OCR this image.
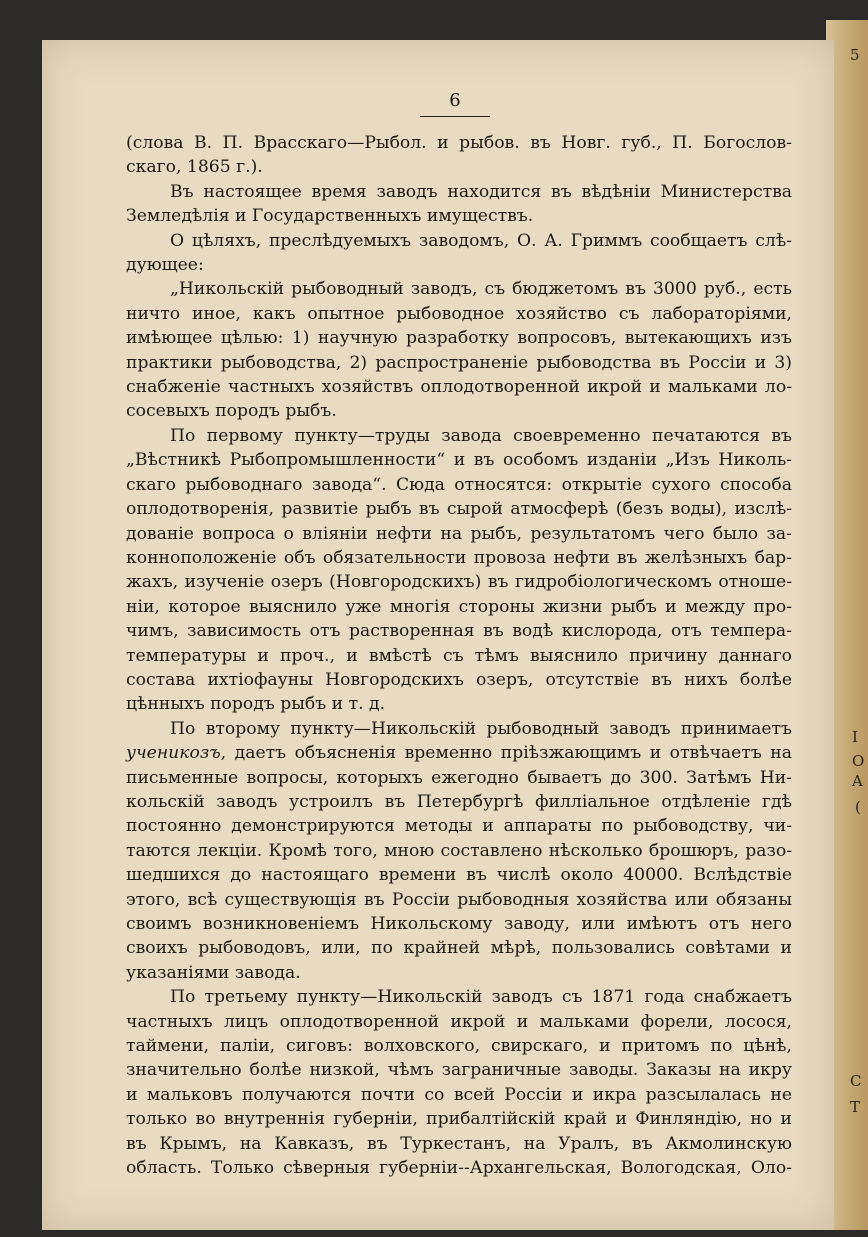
5
I
O
A
(
C
T
6
(слова В. П. Врасскаго—Рыбол. и рыбов. въ Новг. губ., П. Богослов-
скаго, 1865 г.).
Въ настоящее время заводъ находится въ вѣдѣніи Министерства
Земледѣлія и Государственныхъ имуществъ.
О цѣляхъ, преслѣдуемыхъ заводомъ, О. А. Гриммъ сообщаетъ слѣ-
дующее:
„Никольскій рыбоводный заводъ, съ бюджетомъ въ 3000 руб., есть
ничто иное, какъ опытное рыбоводное хозяйство съ лабораторіями,
имѣющее цѣлью: 1) научную разработку вопросовъ, вытекающихъ изъ
практики рыбоводства, 2) распространеніе рыбоводства въ Россіи и 3)
снабженіе частныхъ хозяйствъ оплодотворенной икрой и мальками ло-
сосевыхъ породъ рыбъ.
По первому пункту—труды завода своевременно печатаются въ
„Вѣстникѣ Рыбопромышленности“ и въ особомъ изданіи „Изъ Николь-
скаго рыбоводнаго завода“. Сюда относятся: открытіе сухого способа
оплодотворенія, развитіе рыбъ въ сырой атмосферѣ (безъ воды), изслѣ-
дованіе вопроса о вліяніи нефти на рыбъ, результатомъ чего было за-
конноположеніе объ обязательности провоза нефти въ желѣзныхъ бар-
жахъ, изученіе озеръ (Новгородскихъ) въ гидробіологическомъ отноше-
ніи, которое выяснило уже многія стороны жизни рыбъ и между про-
чимъ, зависимость отъ растворенная въ водѣ кислорода, отъ темпера-
температуры и проч., и вмѣстѣ съ тѣмъ выяснило причину даннаго
состава ихтіофауны Новгородскихъ озеръ, отсутствіе въ нихъ болѣе
цѣнныхъ породъ рыбъ и т. д.
По второму пункту—Никольскій рыбоводный заводъ принимаетъ
ученикозъ, даетъ объясненія временно пріѣзжающимъ и отвѣчаетъ на
письменные вопросы, которыхъ ежегодно бываетъ до 300. Затѣмъ Ни-
кольскій заводъ устроилъ въ Петербургѣ филліальное отдѣленіе гдѣ
постоянно демонстрируются методы и аппараты по рыбоводству, чи-
таются лекціи. Кромѣ того, мною составлено нѣсколько брошюръ, разо-
шедшихся до настоящаго времени въ числѣ около 40000. Вслѣдствіе
этого, всѣ существующія въ Россіи рыбоводныя хозяйства или обязаны
своимъ возникновеніемъ Никольскому заводу, или имѣютъ отъ него
своихъ рыбоводовъ, или, по крайней мѣрѣ, пользовались совѣтами и
указаніями завода.
По третьему пункту—Никольскій заводъ съ 1871 года снабжаетъ
частныхъ лицъ оплодотворенной икрой и мальками форели, лосося,
таймени, паліи, сиговъ: волховского, свирскаго, и притомъ по цѣнѣ,
значительно болѣе низкой, чѣмъ заграничные заводы. Заказы на икру
и мальковъ получаются почти со всей Россіи и икра разсылалась не
только во внутреннія губерніи, прибалтійскій край и Финляндію, но и
въ Крымъ, на Кавказъ, въ Туркестанъ, на Уралъ, въ Акмолинскую
область. Только сѣверныя губерніи--Архангельская, Вологодская, Оло-
